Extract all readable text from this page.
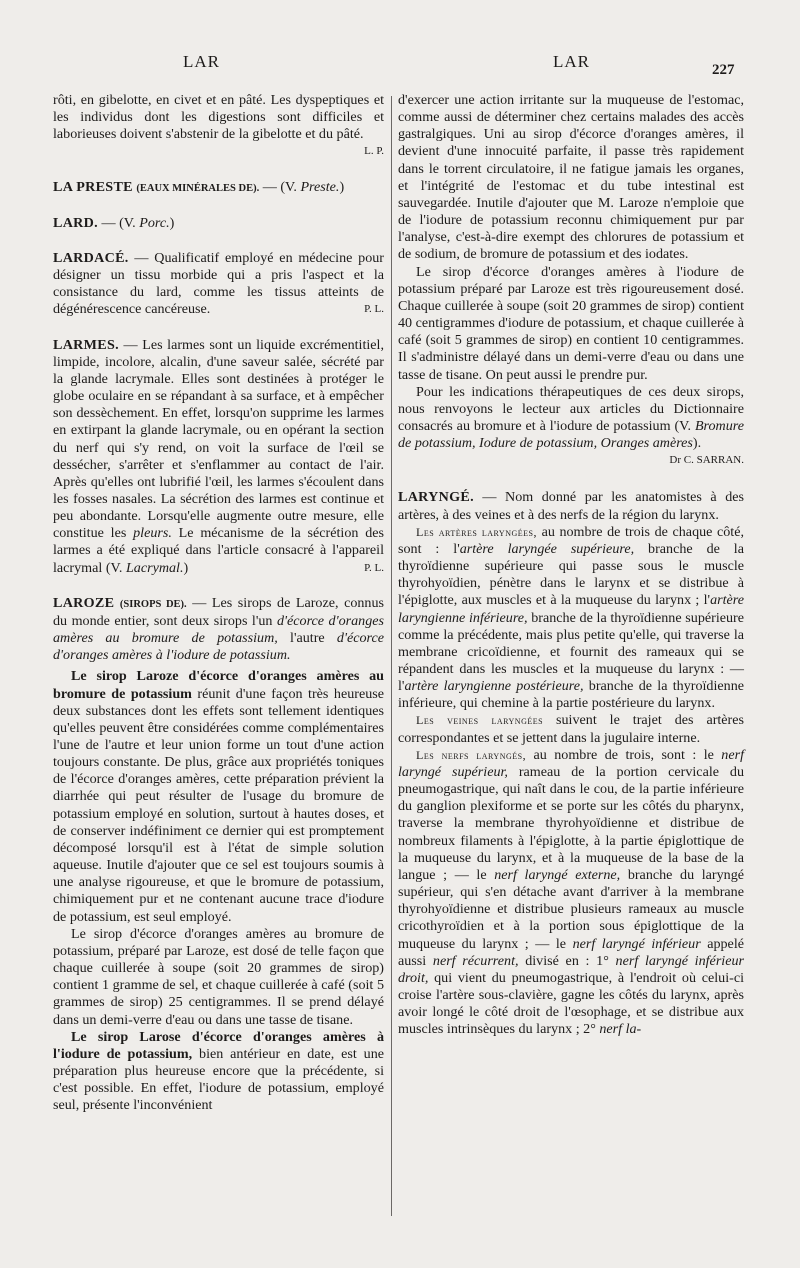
LAR	LAR	227

rôti, en gibelotte, en civet et en pâté. Les dyspeptiques et les individus dont les digestions sont difficiles et laborieuses doivent s'abstenir de la gibelotte et du pâté.
L. P.

LA PRESTE (EAUX MINÉRALES DE). — (V. Preste.)

LARD. — (V. Porc.)

LARDACÉ. — Qualificatif employé en médecine pour désigner un tissu morbide qui a pris l'aspect et la consistance du lard, comme les tissus atteints de dégénérescence cancéreuse.	P. L.

LARMES. — Les larmes sont un liquide excrémentitiel, limpide, incolore, alcalin, d'une saveur salée, sécrété par la glande lacrymale. Elles sont destinées à protéger le globe oculaire en se répandant à sa surface, et à empêcher son dessèchement. En effet, lorsqu'on supprime les larmes en extirpant la glande lacrymale, ou en opérant la section du nerf qui s'y rend, on voit la surface de l'œil se dessécher, s'arrêter et s'enflammer au contact de l'air. Après qu'elles ont lubrifié l'œil, les larmes s'écoulent dans les fosses nasales. La sécrétion des larmes est continue et peu abondante. Lorsqu'elle augmente outre mesure, elle constitue les pleurs. Le mécanisme de la sécrétion des larmes a été expliqué dans l'article consacré à l'appareil lacrymal (V. Lacrymal.)	P. L.

LAROZE (SIROPS DE). — Les sirops de Laroze, connus du monde entier, sont deux sirops l'un d'écorce d'oranges amères au bromure de potassium, l'autre d'écorce d'oranges amères à l'iodure de potassium.

Le sirop Laroze d'écorce d'oranges amères au bromure de potassium réunit d'une façon très heureuse deux substances dont les effets sont tellement identiques qu'elles peuvent être considérées comme complémentaires l'une de l'autre et leur union forme un tout d'une action toujours constante. De plus, grâce aux propriétés toniques de l'écorce d'oranges amères, cette préparation prévient la diarrhée qui peut résulter de l'usage du bromure de potassium employé en solution, surtout à hautes doses, et de conserver indéfiniment ce dernier qui est promptement décomposé lorsqu'il est à l'état de simple solution aqueuse. Inutile d'ajouter que ce sel est toujours soumis à une analyse rigoureuse, et que le bromure de potassium, chimiquement pur et ne contenant aucune trace d'iodure de potassium, est seul employé.

Le sirop d'écorce d'oranges amères au bromure de potassium, préparé par Laroze, est dosé de telle façon que chaque cuillerée à soupe (soit 20 grammes de sirop) contient 1 gramme de sel, et chaque cuillerée à café (soit 5 grammes de sirop) 25 centigrammes. Il se prend délayé dans un demi-verre d'eau ou dans une tasse de tisane.

Le sirop Larose d'écorce d'oranges amères à l'iodure de potassium, bien antérieur en date, est une préparation plus heureuse encore que la précédente, si c'est possible. En effet, l'iodure de potassium, employé seul, présente l'inconvénient

d'exercer une action irritante sur la muqueuse de l'estomac, comme aussi de déterminer chez certains malades des accès gastralgiques. Uni au sirop d'écorce d'oranges amères, il devient d'une innocuité parfaite, il passe très rapidement dans le torrent circulatoire, il ne fatigue jamais les organes, et l'intégrité de l'estomac et du tube intestinal est sauvegardée. Inutile d'ajouter que M. Laroze n'emploie que de l'iodure de potassium reconnu chimiquement pur par l'analyse, c'est-à-dire exempt des chlorures de potassium et de sodium, de bromure de potassium et des iodates.

Le sirop d'écorce d'oranges amères à l'iodure de potassium préparé par Laroze est très rigoureusement dosé. Chaque cuillerée à soupe (soit 20 grammes de sirop) contient 40 centigrammes d'iodure de potassium, et chaque cuillerée à café (soit 5 grammes de sirop) en contient 10 centigrammes. Il s'administre délayé dans un demi-verre d'eau ou dans une tasse de tisane. On peut aussi le prendre pur.

Pour les indications thérapeutiques de ces deux sirops, nous renvoyons le lecteur aux articles du Dictionnaire consacrés au bromure et à l'iodure de potassium (V. Bromure de potassium, Iodure de potassium, Oranges amères).
Dr C. SARRAN.

LARYNGÉ. — Nom donné par les anatomistes à des artères, à des veines et à des nerfs de la région du larynx.

Les artères laryngées, au nombre de trois de chaque côté, sont : l'artère laryngée supérieure, branche de la thyroïdienne supérieure qui passe sous le muscle thyrohyoïdien, pénètre dans le larynx et se distribue à l'épiglotte, aux muscles et à la muqueuse du larynx ; l'artère laryngienne inférieure, branche de la thyroïdienne supérieure comme la précédente, mais plus petite qu'elle, qui traverse la membrane cricoïdienne, et fournit des rameaux qui se répandent dans les muscles et la muqueuse du larynx : — l'artère laryngienne postérieure, branche de la thyroïdienne inférieure, qui chemine à la partie postérieure du larynx.

Les veines laryngées suivent le trajet des artères correspondantes et se jettent dans la jugulaire interne.

Les nerfs laryngés, au nombre de trois, sont : le nerf laryngé supérieur, rameau de la portion cervicale du pneumogastrique, qui naît dans le cou, de la partie inférieure du ganglion plexiforme et se porte sur les côtés du pharynx, traverse la membrane thyrohyoïdienne et distribue de nombreux filaments à l'épiglotte, à la partie épiglottique de la muqueuse du larynx, et à la muqueuse de la base de la langue ; — le nerf laryngé externe, branche du laryngé supérieur, qui s'en détache avant d'arriver à la membrane thyrohyoïdienne et distribue plusieurs rameaux au muscle cricothyroïdien et à la portion sous épiglottique de la muqueuse du larynx ; — le nerf laryngé inférieur appelé aussi nerf récurrent, divisé en : 1° nerf laryngé inférieur droit, qui vient du pneumogastrique, à l'endroit où celui-ci croise l'artère sous-clavière, gagne les côtés du larynx, après avoir longé le côté droit de l'œsophage, et se distribue aux muscles intrinsèques du larynx ; 2° nerf la-
